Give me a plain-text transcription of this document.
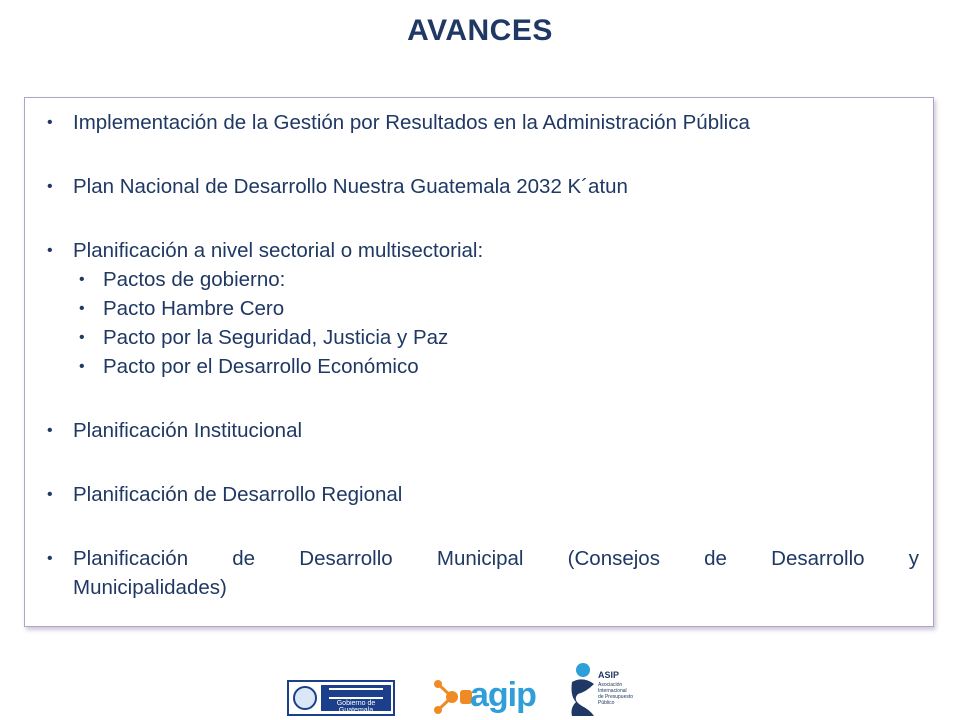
AVANCES
• Implementación de la Gestión por Resultados en la Administración Pública
• Plan Nacional de Desarrollo Nuestra Guatemala 2032 K´atun
• Planificación a nivel sectorial o multisectorial:
• Pactos de gobierno:
• Pacto Hambre Cero
• Pacto por la Seguridad, Justicia y Paz
• Pacto por el Desarrollo Económico
• Planificación Institucional
• Planificación de Desarrollo Regional
• Planificación de Desarrollo Municipal (Consejos de Desarrollo y
Municipalidades)
Gobierno de Guatemala	agip
ASIP
Asociación
Internacional
de Presupuesto
Público
